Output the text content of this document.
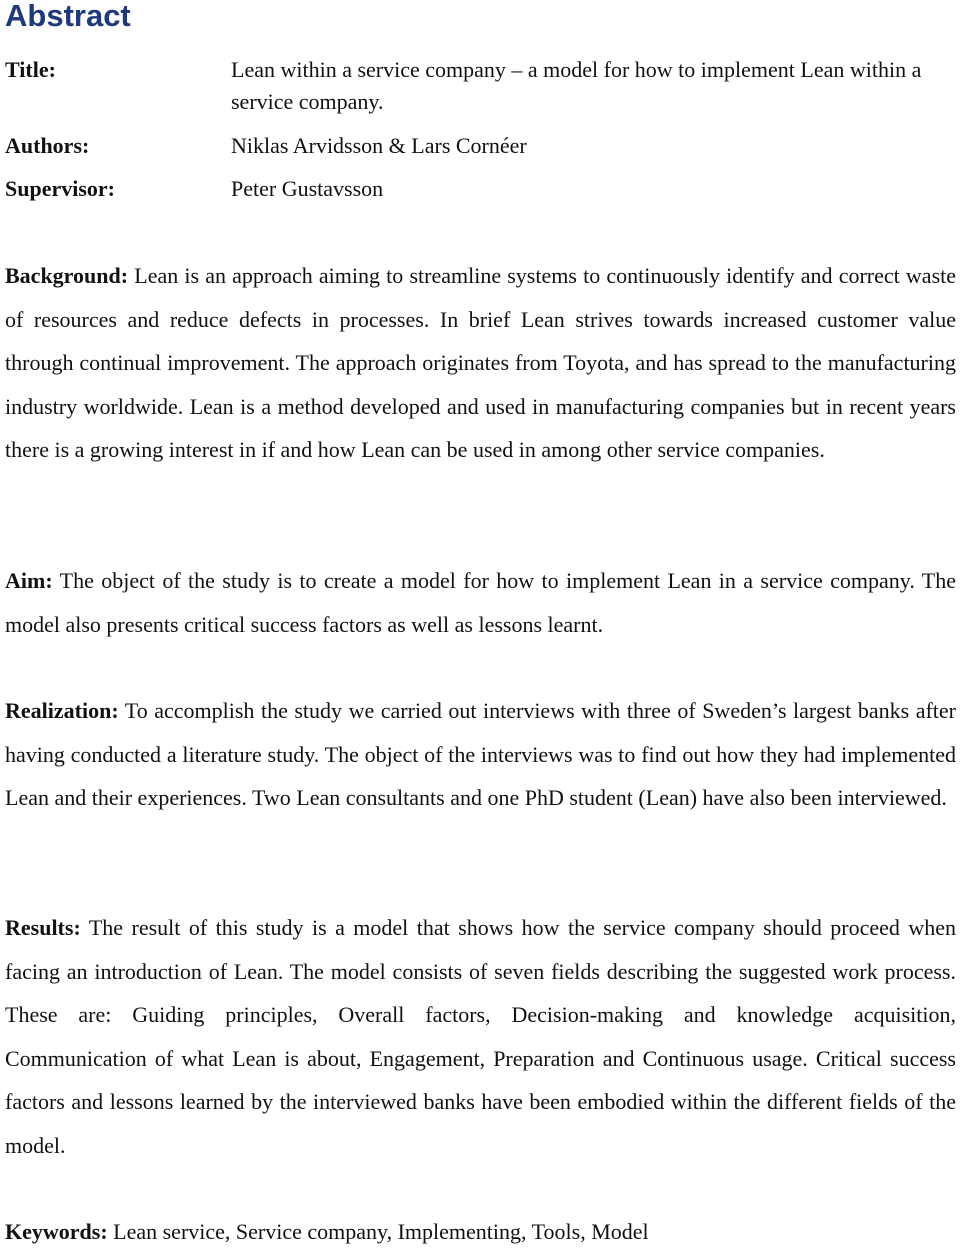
Abstract
Title:	Lean within a service company – a model for how to implement Lean within a service company.
Authors:	Niklas Arvidsson & Lars Cornéer
Supervisor:	Peter Gustavsson

Background: Lean is an approach aiming to streamline systems to continuously identify and correct waste of resources and reduce defects in processes. In brief Lean strives towards increased customer value through continual improvement. The approach originates from Toyota, and has spread to the manufacturing industry worldwide. Lean is a method developed and used in manufacturing companies but in recent years there is a growing interest in if and how Lean can be used in among other service companies.

Aim: The object of the study is to create a model for how to implement Lean in a service company. The model also presents critical success factors as well as lessons learnt.

Realization: To accomplish the study we carried out interviews with three of Sweden’s largest banks after having conducted a literature study. The object of the interviews was to find out how they had implemented Lean and their experiences. Two Lean consultants and one PhD student (Lean) have also been interviewed.

Results: The result of this study is a model that shows how the service company should proceed when facing an introduction of Lean. The model consists of seven fields describing the suggested work process. These are: Guiding principles, Overall factors, Decision-making and knowledge acquisition, Communication of what Lean is about, Engagement, Preparation and Continuous usage. Critical success factors and lessons learned by the interviewed banks have been embodied within the different fields of the model.

Keywords: Lean service, Service company, Implementing, Tools, Model
